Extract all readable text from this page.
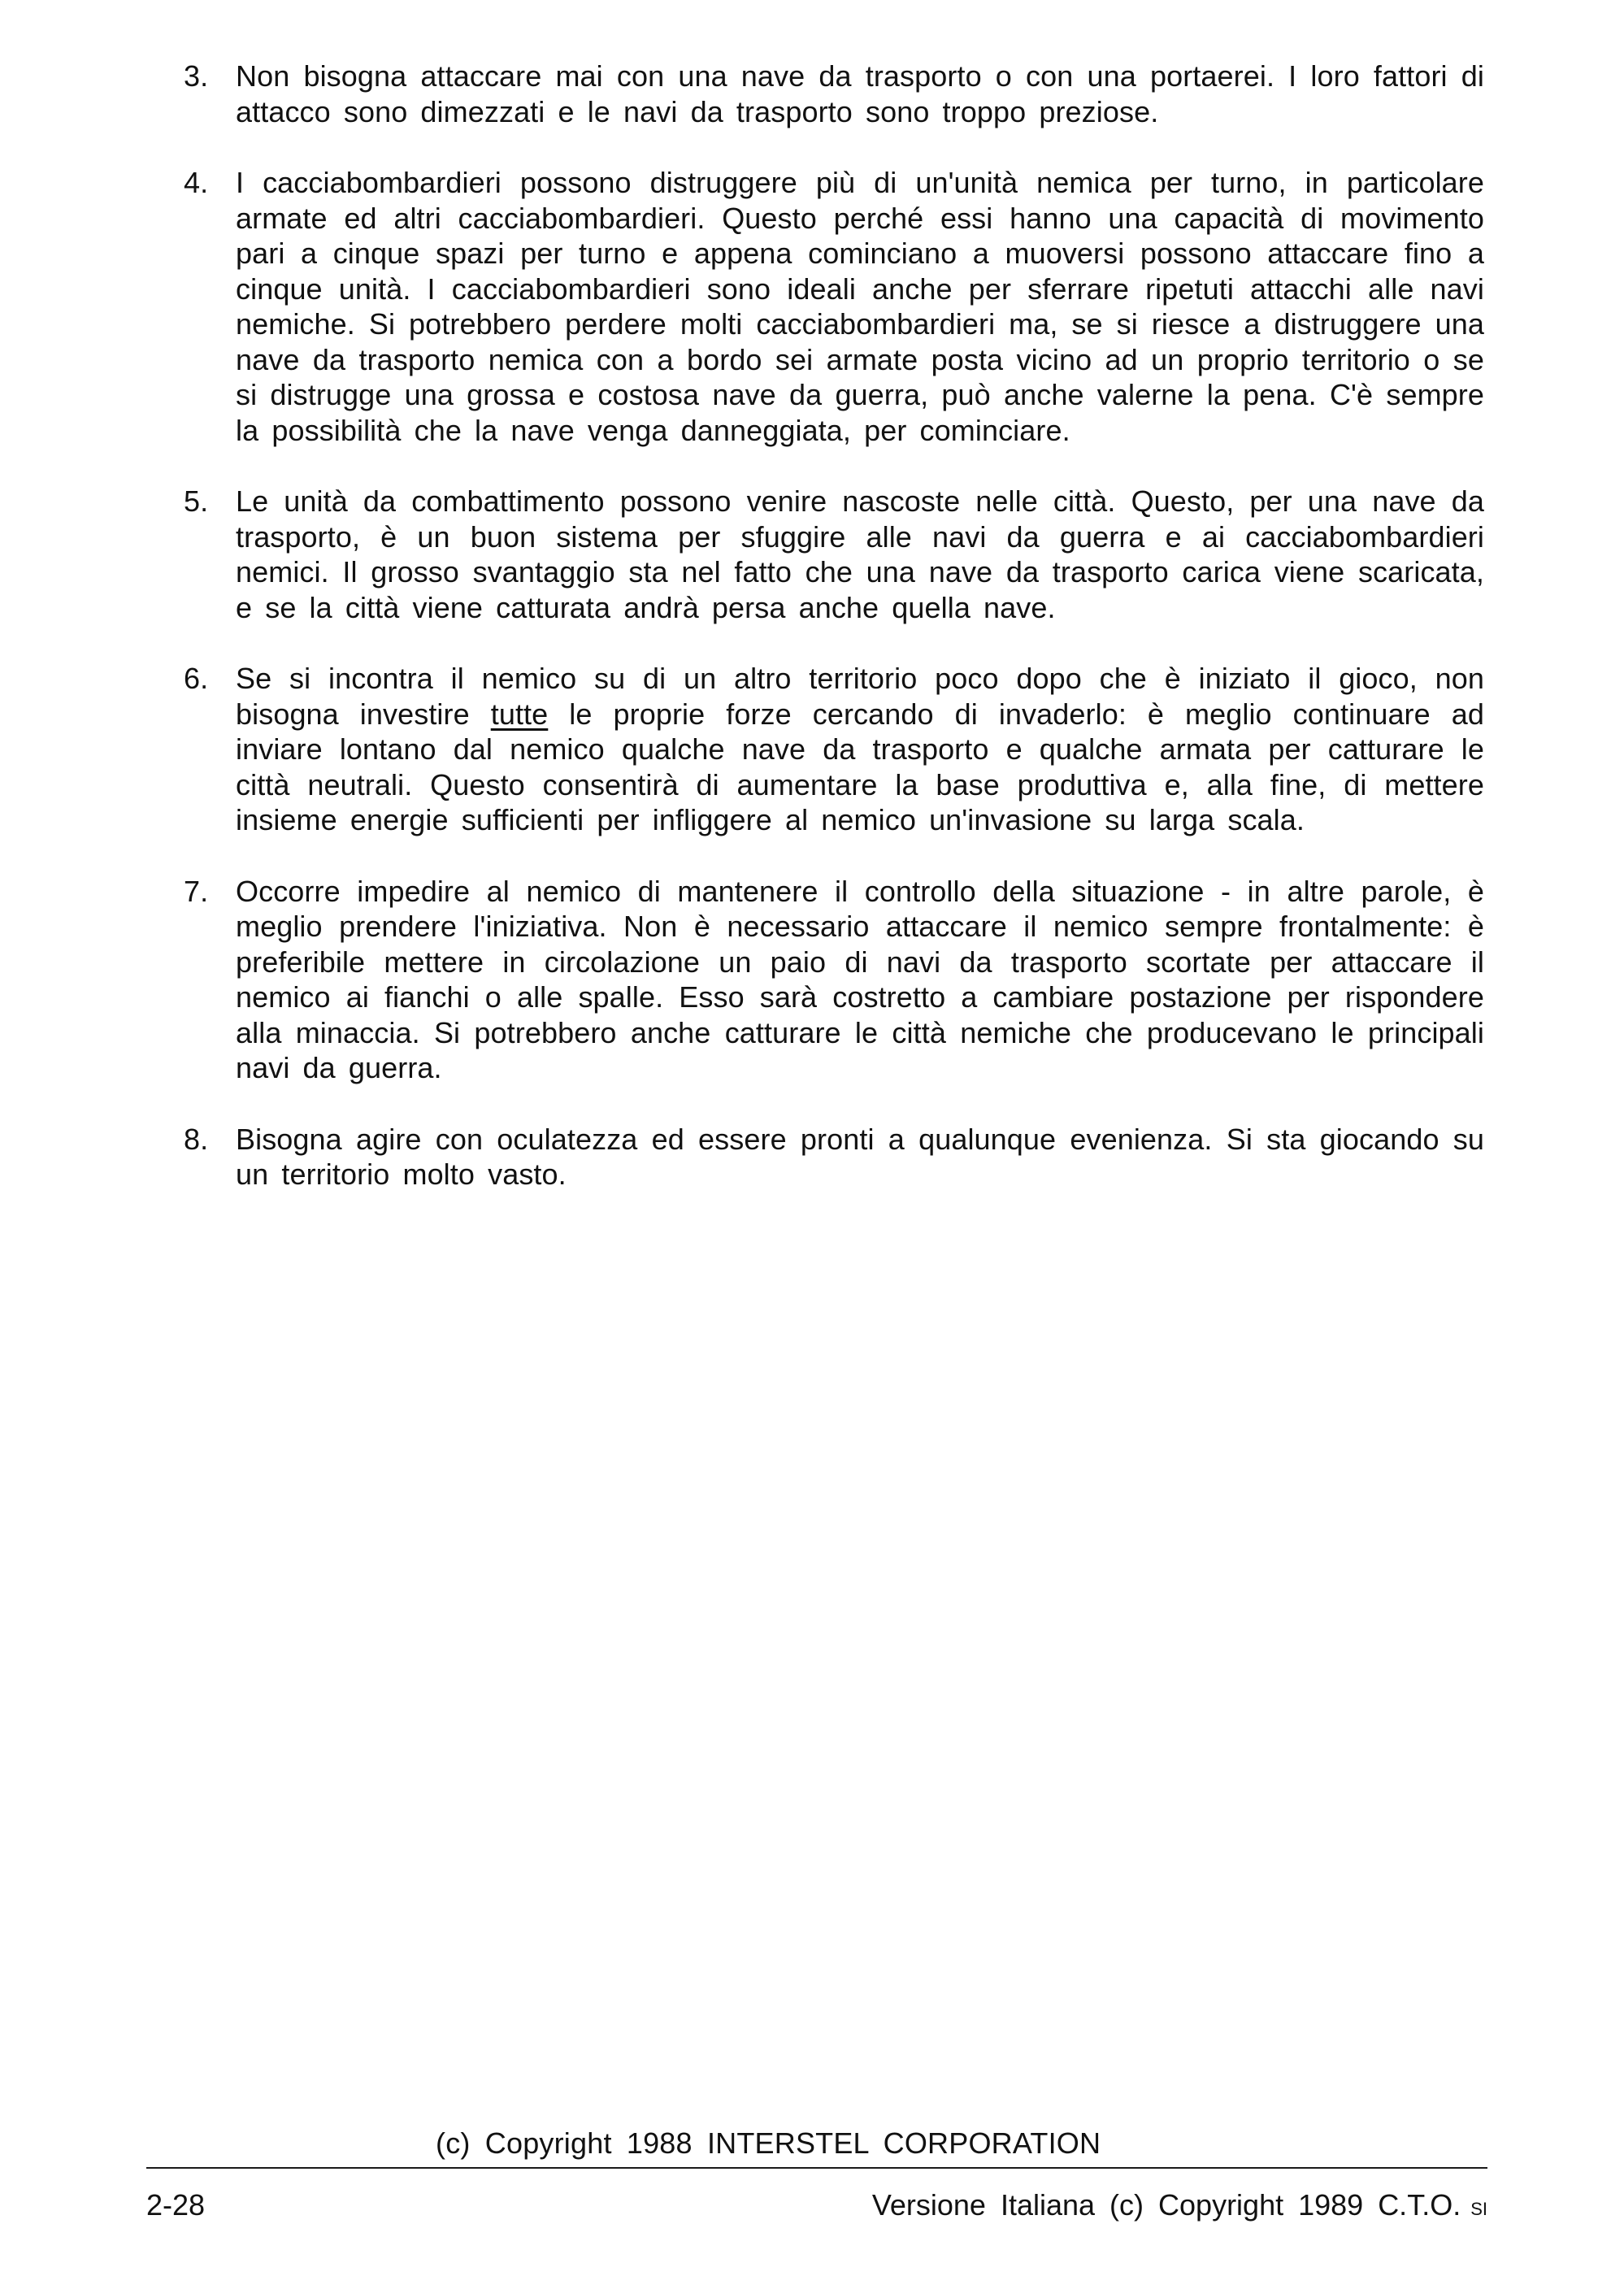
3. Non bisogna attaccare mai con una nave da trasporto o con una portaerei. I loro fattori di attacco sono dimezzati e le navi da trasporto sono troppo preziose.
4. I cacciabombardieri possono distruggere più di un'unità nemica per turno, in particolare armate ed altri cacciabombardieri. Questo perché essi hanno una capacità di movimento pari a cinque spazi per turno e appena cominciano a muoversi possono attaccare fino a cinque unità. I cacciabombardieri sono ideali anche per sferrare ripetuti attacchi alle navi nemiche. Si potrebbero perdere molti cacciabombardieri ma, se si riesce a distruggere una nave da trasporto nemica con a bordo sei armate posta vicino ad un proprio territorio o se si distrugge una grossa e costosa nave da guerra, può anche valerne la pena. C'è sempre la possibilità che la nave venga danneggiata, per cominciare.
5. Le unità da combattimento possono venire nascoste nelle città. Questo, per una nave da trasporto, è un buon sistema per sfuggire alle navi da guerra e ai cacciabombardieri nemici. Il grosso svantaggio sta nel fatto che una nave da trasporto carica viene scaricata, e se la città viene catturata andrà persa anche quella nave.
6. Se si incontra il nemico su di un altro territorio poco dopo che è iniziato il gioco, non bisogna investire tutte le proprie forze cercando di invaderlo: è meglio continuare ad inviare lontano dal nemico qualche nave da trasporto e qualche armata per catturare le città neutrali. Questo consentirà di aumentare la base produttiva e, alla fine, di mettere insieme energie sufficienti per infliggere al nemico un'invasione su larga scala.
7. Occorre impedire al nemico di mantenere il controllo della situazione - in altre parole, è meglio prendere l'iniziativa. Non è necessario attaccare il nemico sempre frontalmente: è preferibile mettere in circolazione un paio di navi da trasporto scortate per attaccare il nemico ai fianchi o alle spalle. Esso sarà costretto a cambiare postazione per rispondere alla minaccia. Si potrebbero anche catturare le città nemiche che producevano le principali navi da guerra.
8. Bisogna agire con oculatezza ed essere pronti a qualunque evenienza. Si sta giocando su un territorio molto vasto.
(c) Copyright 1988 INTERSTEL CORPORATION
2-28	Versione Italiana (c) Copyright 1989 C.T.O. SI
